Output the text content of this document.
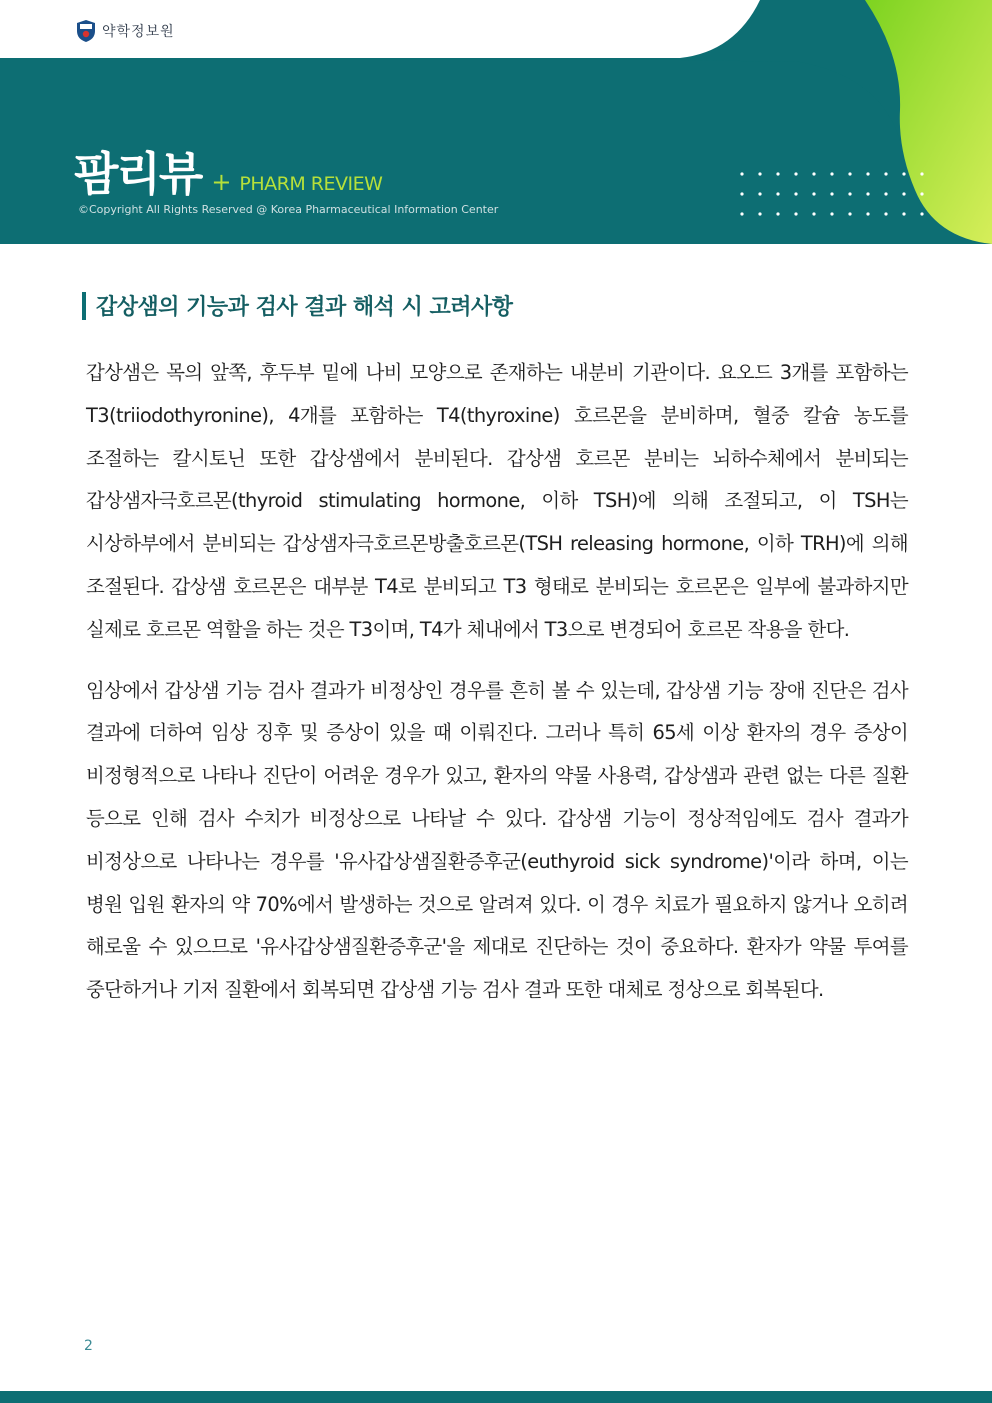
약학정보원
팜리뷰 + PHARM REVIEW
©Copyright All Rights Reserved @ Korea Pharmaceutical Information Center
갑상샘의 기능과 검사 결과 해석 시 고려사항

갑상샘은 목의 앞쪽, 후두부 밑에 나비 모양으로 존재하는 내분비 기관이다. 요오드 3개를 포함하는 T3(triiodothyronine), 4개를 포함하는 T4(thyroxine) 호르몬을 분비하며, 혈중 칼슘 농도를 조절하는 칼시토닌 또한 갑상샘에서 분비된다. 갑상샘 호르몬 분비는 뇌하수체에서 분비되는 갑상샘자극호르몬(thyroid stimulating hormone, 이하 TSH)에 의해 조절되고, 이 TSH는 시상하부에서 분비되는 갑상샘자극호르몬방출호르몬(TSH releasing hormone, 이하 TRH)에 의해 조절된다. 갑상샘 호르몬은 대부분 T4로 분비되고 T3 형태로 분비되는 호르몬은 일부에 불과하지만 실제로 호르몬 역할을 하는 것은 T3이며, T4가 체내에서 T3으로 변경되어 호르몬 작용을 한다.

임상에서 갑상샘 기능 검사 결과가 비정상인 경우를 흔히 볼 수 있는데, 갑상샘 기능 장애 진단은 검사 결과에 더하여 임상 징후 및 증상이 있을 때 이뤄진다. 그러나 특히 65세 이상 환자의 경우 증상이 비정형적으로 나타나 진단이 어려운 경우가 있고, 환자의 약물 사용력, 갑상샘과 관련 없는 다른 질환 등으로 인해 검사 수치가 비정상으로 나타날 수 있다. 갑상샘 기능이 정상적임에도 검사 결과가 비정상으로 나타나는 경우를 '유사갑상샘질환증후군(euthyroid sick syndrome)'이라 하며, 이는 병원 입원 환자의 약 70%에서 발생하는 것으로 알려져 있다. 이 경우 치료가 필요하지 않거나 오히려 해로울 수 있으므로 '유사갑상샘질환증후군'을 제대로 진단하는 것이 중요하다. 환자가 약물 투여를 중단하거나 기저 질환에서 회복되면 갑상샘 기능 검사 결과 또한 대체로 정상으로 회복된다.

2
